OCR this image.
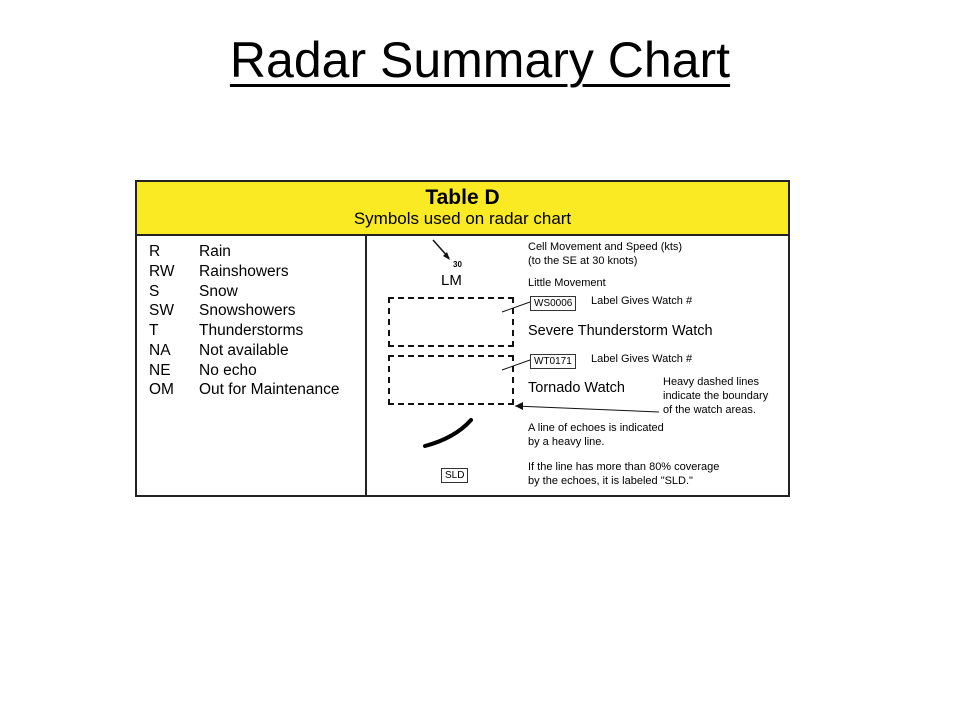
Radar Summary Chart
Table D
Symbols used on radar chart
R	Rain
RW	Rainshowers
S	Snow
SW	Snowshowers
T	Thunderstorms
NA	Not available
NE	No echo
OM	Out for Maintenance
30
Cell Movement and Speed (kts)
(to the SE at 30 knots)
LM	Little Movement
WS0006	Label Gives Watch #
Severe Thunderstorm Watch
WT0171	Label Gives Watch #
Tornado Watch	Heavy dashed lines
indicate the boundary
of the watch areas.
A line of echoes is indicated
by a heavy line.
SLD
If the line has more than 80% coverage
by the echoes, it is labeled "SLD."
